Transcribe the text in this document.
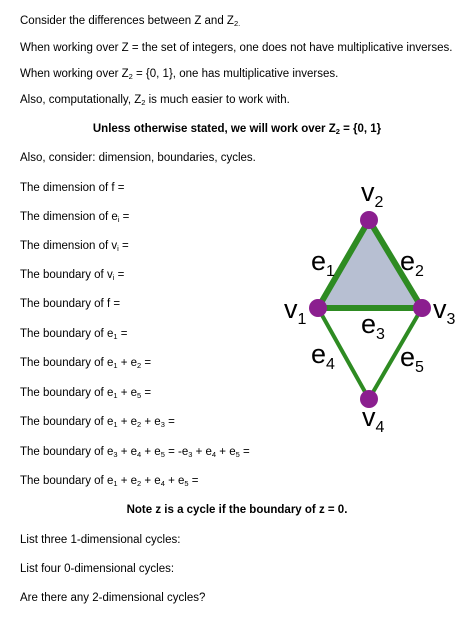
Consider the differences between Z and $Z_{2.}$
When working over Z = the set of integers, one does not have multiplicative inverses.
When working over $Z_2 = \{0$, 1}, one has multiplicative inverses.
Also, computationally, $Z_2$ is much easier to work with.
Unless otherwise stated, we will work over $Z_2 = \{0$, 1}
Also, consider: dimension, boundaries, cycles.
The dimension of f =
The dimension of $e_i$ =
The dimension of $v_i$ =
The boundary of $v_i$ =
The boundary of f =
The boundary of $e_1$ =
The boundary of $e_1 + e_2$ =
The boundary of $e_1 + e_5$ =
The boundary of $e_1 + e_2 + e_3$ =
The boundary of $e_3 + e_4 + e_5 = -e_3 + e_4 + e_5$ =
The boundary of $e_1 + e_2 + e_4 + e_5$ =
Note z is a cycle if the boundary of z = 0.
List three 1-dimensional cycles:
List four 0-dimensional cycles:
Are there any 2-dimensional cycles?
$v_1$
$v_2$
$v_3$
$v_4$
$e_1$ $e_2$
$e_3$
$e_4$ $e_5$
